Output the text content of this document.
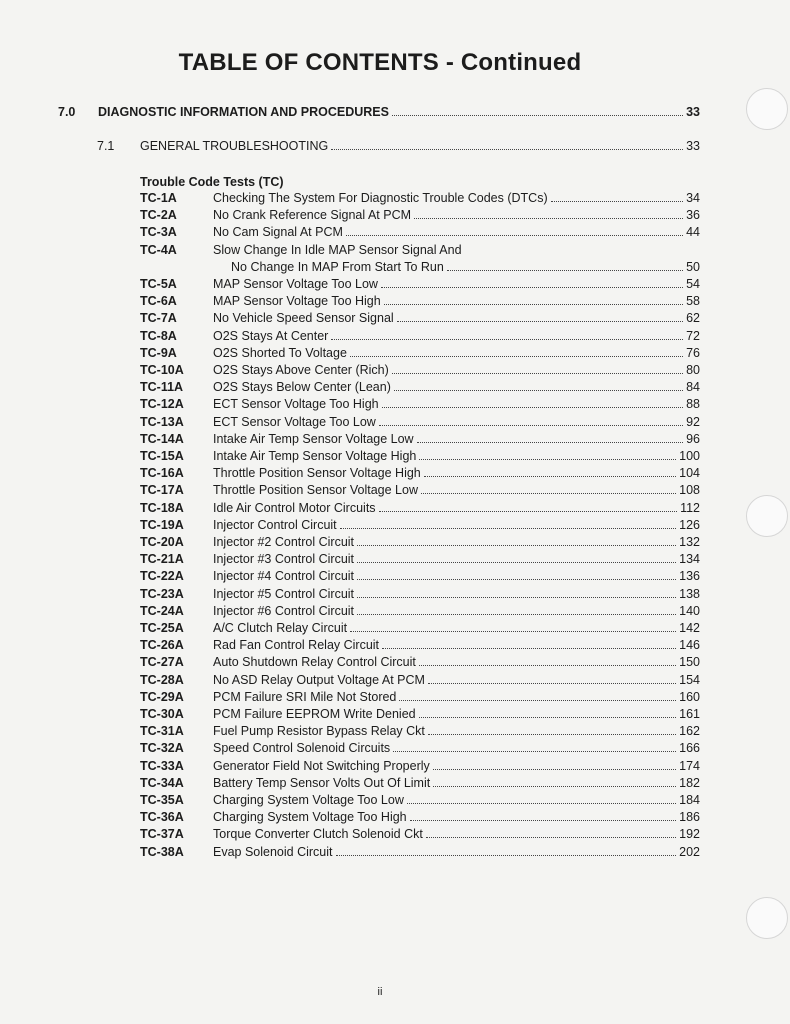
TABLE OF CONTENTS - Continued
7.0	DIAGNOSTIC INFORMATION AND PROCEDURES	33
7.1	GENERAL TROUBLESHOOTING	33
Trouble Code Tests (TC)
TC-1A	Checking The System For Diagnostic Trouble Codes (DTCs)	34
TC-2A	No Crank Reference Signal At PCM	36
TC-3A	No Cam Signal At PCM	44
TC-4A	Slow Change In Idle MAP Sensor Signal And
No Change In MAP From Start To Run	50
TC-5A	MAP Sensor Voltage Too Low	54
TC-6A	MAP Sensor Voltage Too High	58
TC-7A	No Vehicle Speed Sensor Signal	62
TC-8A	O2S Stays At Center	72
TC-9A	O2S Shorted To Voltage	76
TC-10A O2S Stays Above Center (Rich)	80
TC-11A O2S Stays Below Center (Lean)	84
TC-12A ECT Sensor Voltage Too High	88
TC-13A ECT Sensor Voltage Too Low	92
TC-14A Intake Air Temp Sensor Voltage Low	96
TC-15A Intake Air Temp Sensor Voltage High	100
TC-16A Throttle Position Sensor Voltage High	104
TC-17A Throttle Position Sensor Voltage Low	108
TC-18A Idle Air Control Motor Circuits	112
TC-19A Injector Control Circuit	126
TC-20A Injector #2 Control Circuit	132
TC-21A Injector #3 Control Circuit	134
TC-22A Injector #4 Control Circuit	136
TC-23A Injector #5 Control Circuit	138
TC-24A Injector #6 Control Circuit	140
TC-25A A/C Clutch Relay Circuit	142
TC-26A Rad Fan Control Relay Circuit	146
TC-27A Auto Shutdown Relay Control Circuit	150
TC-28A No ASD Relay Output Voltage At PCM	154
TC-29A PCM Failure SRI Mile Not Stored	160
TC-30A PCM Failure EEPROM Write Denied	161
TC-31A Fuel Pump Resistor Bypass Relay Ckt	162
TC-32A Speed Control Solenoid Circuits	166
TC-33A Generator Field Not Switching Properly	174
TC-34A Battery Temp Sensor Volts Out Of Limit	182
TC-35A Charging System Voltage Too Low	184
TC-36A Charging System Voltage Too High	186
TC-37A Torque Converter Clutch Solenoid Ckt	192
TC-38A Evap Solenoid Circuit	202
ii
